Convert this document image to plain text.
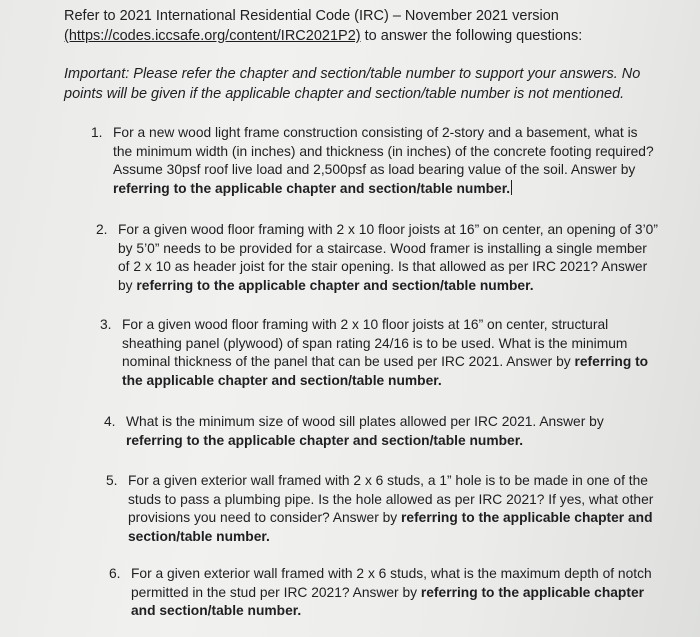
Refer to 2021 International Residential Code (IRC) – November 2021 version
(https://codes.iccsafe.org/content/IRC2021P2) to answer the following questions:
Important: Please refer the chapter and section/table number to support your answers. No points will be given if the applicable chapter and section/table number is not mentioned.
1. For a new wood light frame construction consisting of 2-story and a basement, what is the minimum width (in inches) and thickness (in inches) of the concrete footing required? Assume 30psf roof live load and 2,500psf as load bearing value of the soil. Answer by referring to the applicable chapter and section/table number.
2. For a given wood floor framing with 2 x 10 floor joists at 16” on center, an opening of 3’0” by 5’0” needs to be provided for a staircase. Wood framer is installing a single member of 2 x 10 as header joist for the stair opening. Is that allowed as per IRC 2021? Answer by referring to the applicable chapter and section/table number.
3. For a given wood floor framing with 2 x 10 floor joists at 16” on center, structural sheathing panel (plywood) of span rating 24/16 is to be used. What is the minimum nominal thickness of the panel that can be used per IRC 2021. Answer by referring to the applicable chapter and section/table number.
4. What is the minimum size of wood sill plates allowed per IRC 2021. Answer by referring to the applicable chapter and section/table number.
5. For a given exterior wall framed with 2 x 6 studs, a 1” hole is to be made in one of the studs to pass a plumbing pipe. Is the hole allowed as per IRC 2021? If yes, what other provisions you need to consider? Answer by referring to the applicable chapter and section/table number.
6. For a given exterior wall framed with 2 x 6 studs, what is the maximum depth of notch permitted in the stud per IRC 2021? Answer by referring to the applicable chapter and section/table number.
